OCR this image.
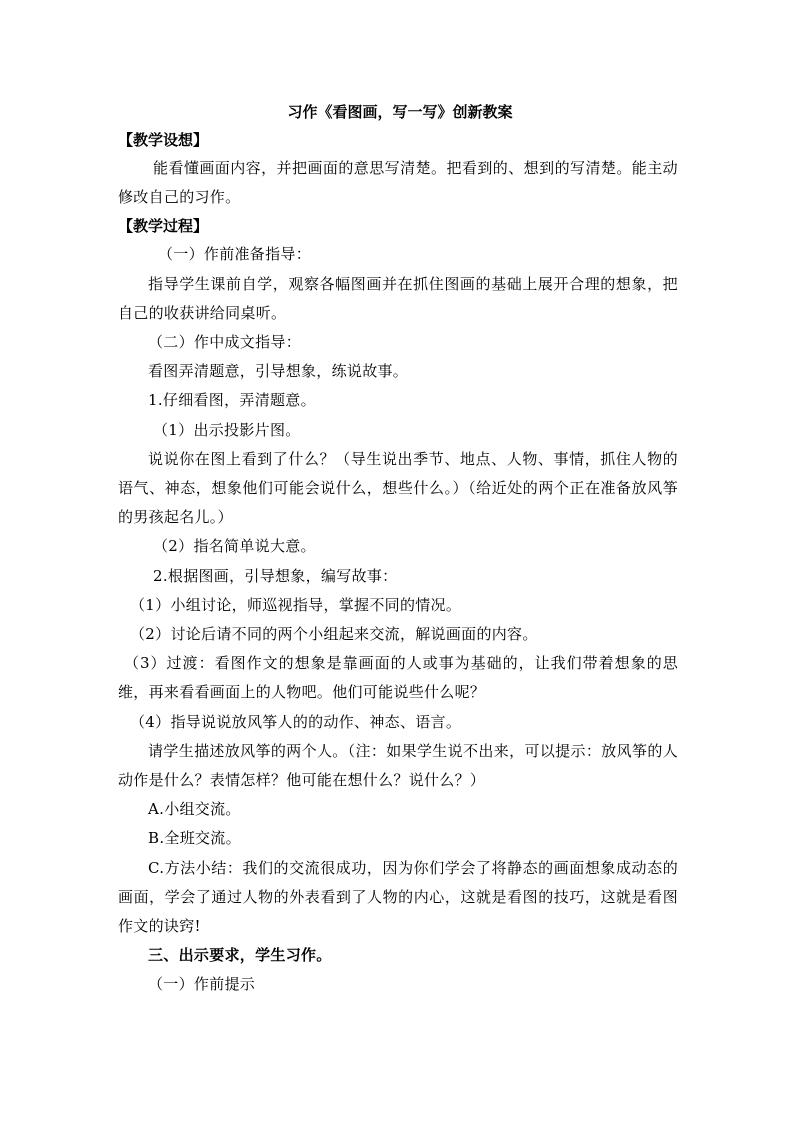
习作《看图画，写一写》创新教案
【教学设想】

能看懂画面内容，并把画面的意思写清楚。把看到的、想到的写清楚。能主动修改自己的习作。

【教学过程】

（一）作前准备指导：

指导学生课前自学，观察各幅图画并在抓住图画的基础上展开合理的想象，把自己的收获讲给同桌听。

（二）作中成文指导：

看图弄清题意，引导想象，练说故事。

1.仔细看图，弄清题意。

（1）出示投影片图。

说说你在图上看到了什么？（导生说出季节、地点、人物、事情，抓住人物的语气、神态，想象他们可能会说什么，想些什么。）（给近处的两个正在准备放风筝的男孩起名儿。）

（2）指名简单说大意。

2.根据图画，引导想象，编写故事：

（1）小组讨论，师巡视指导，掌握不同的情况。

（2）讨论后请不同的两个小组起来交流，解说画面的内容。

（3）过渡：看图作文的想象是靠画面的人或事为基础的，让我们带着想象的思维，再来看看画面上的人物吧。他们可能说些什么呢？

（4）指导说说放风筝人的的动作、神态、语言。

请学生描述放风筝的两个人。（注：如果学生说不出来，可以提示：放风筝的人动作是什么？表情怎样？他可能在想什么？说什么？）

A.小组交流。

B.全班交流。

C.方法小结：我们的交流很成功，因为你们学会了将静态的画面想象成动态的画面，学会了通过人物的外表看到了人物的内心，这就是看图的技巧，这就是看图作文的诀窍!

三、出示要求，学生习作。

（一）作前提示
